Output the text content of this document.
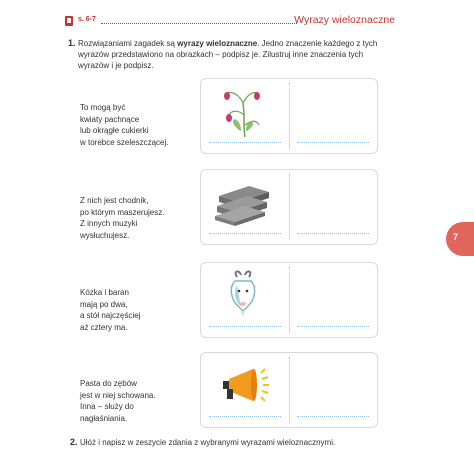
s. 6-7	Wyrazy wieloznaczne
1. Rozwiązaniami zagadek są wyrazy wieloznaczne. Jedno znaczenie każdego z tych wyrazów przedstawiono na obrazkach – podpisz je. Zilustruj inne znaczenia tych wyrazów i je podpisz.

To mogą być

kwiaty pachnące

lub okrągłe cukierki

w torebce szeleszczącej.

Z nich jest chodnik,

po którym maszerujesz.

Z innych muzyki

wysłuchujesz.

Kózka i baran

mają po dwa,

a stół najczęściej

aż cztery ma.

Pasta do zębów

jest w niej schowana.

Inna – służy do

nagłaśniania.

7
2. Ułóż i napisz w zeszycie zdania z wybranymi wyrazami wieloznacznymi.
